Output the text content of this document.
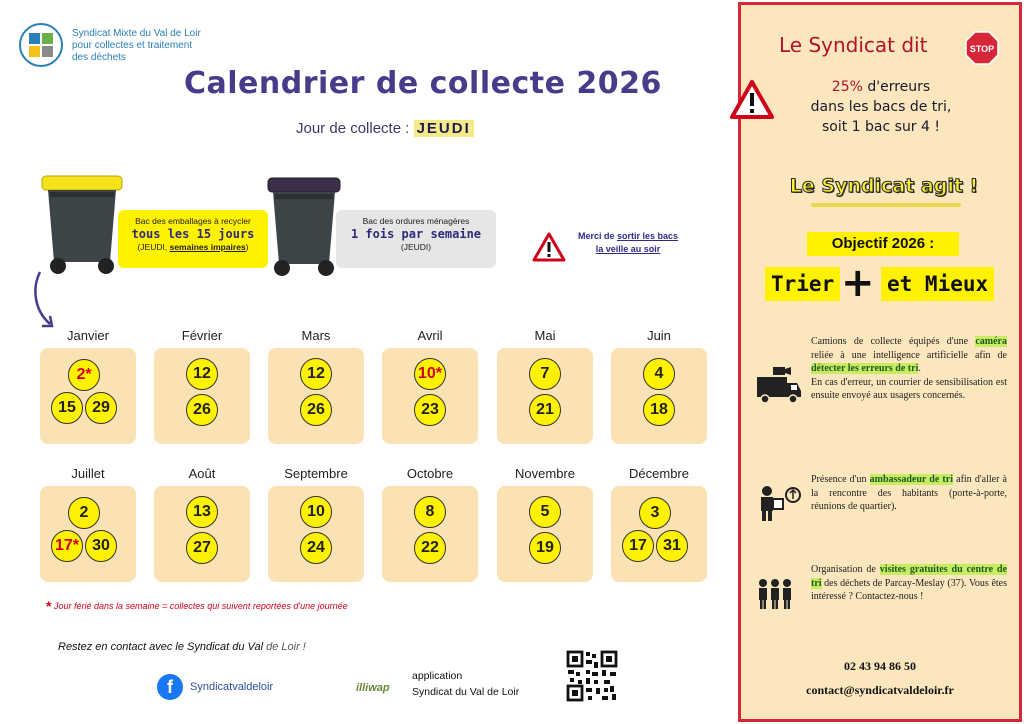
Syndicat Mixte du Val de Loir
pour collectes et traitement
des déchets
Calendrier de collecte 2026
Jour de collecte : JEUDI
Bac des emballages à recycler
tous les 15 jours
(JEUDI, semaines impaires)
Bac des ordures ménagères
1 fois par semaine
(JEUDI)
Merci de sortir les bacs
la veille au soir
Janvier
2*
15	29
Février
12
26
Mars
12
26
Avril
10*
23
Mai
7
21
Juin
4
18
Juillet
2
17* 30
Août
13
27
Septembre
10
24
Octobre
8
22
Novembre
5
19
Décembre
3
17	31
* Jour férié dans la semaine = collectes qui suivent reportées d'une journée
Restez en contact avec le Syndicat du Val de Loir !
f	Syndicatvaldeloir	illiwap
application
Syndicat du Val de Loir
Le Syndicat dit	STOP
25% d'erreurs
dans les bacs de tri,
soit 1 bac sur 4 !
Le Syndicat agit !
Objectif 2026 :
Trier + et Mieux
Camions de collecte équipés d'une caméra reliée à une intelligence artificielle afin de détecter les erreurs de tri.
En cas d'erreur, un courrier de sensibilisation est ensuite envoyé aux usagers concernés.
Présence d'un ambassadeur de tri afin d'aller à la rencontre des habitants (porte-à-porte, réunions de quartier).
Organisation de visites gratuites du centre de tri des déchets de Parcay-Meslay (37). Vous êtes intéressé ? Contactez-nous !
02 43 94 86 50
contact@syndicatvaldeloir.fr
